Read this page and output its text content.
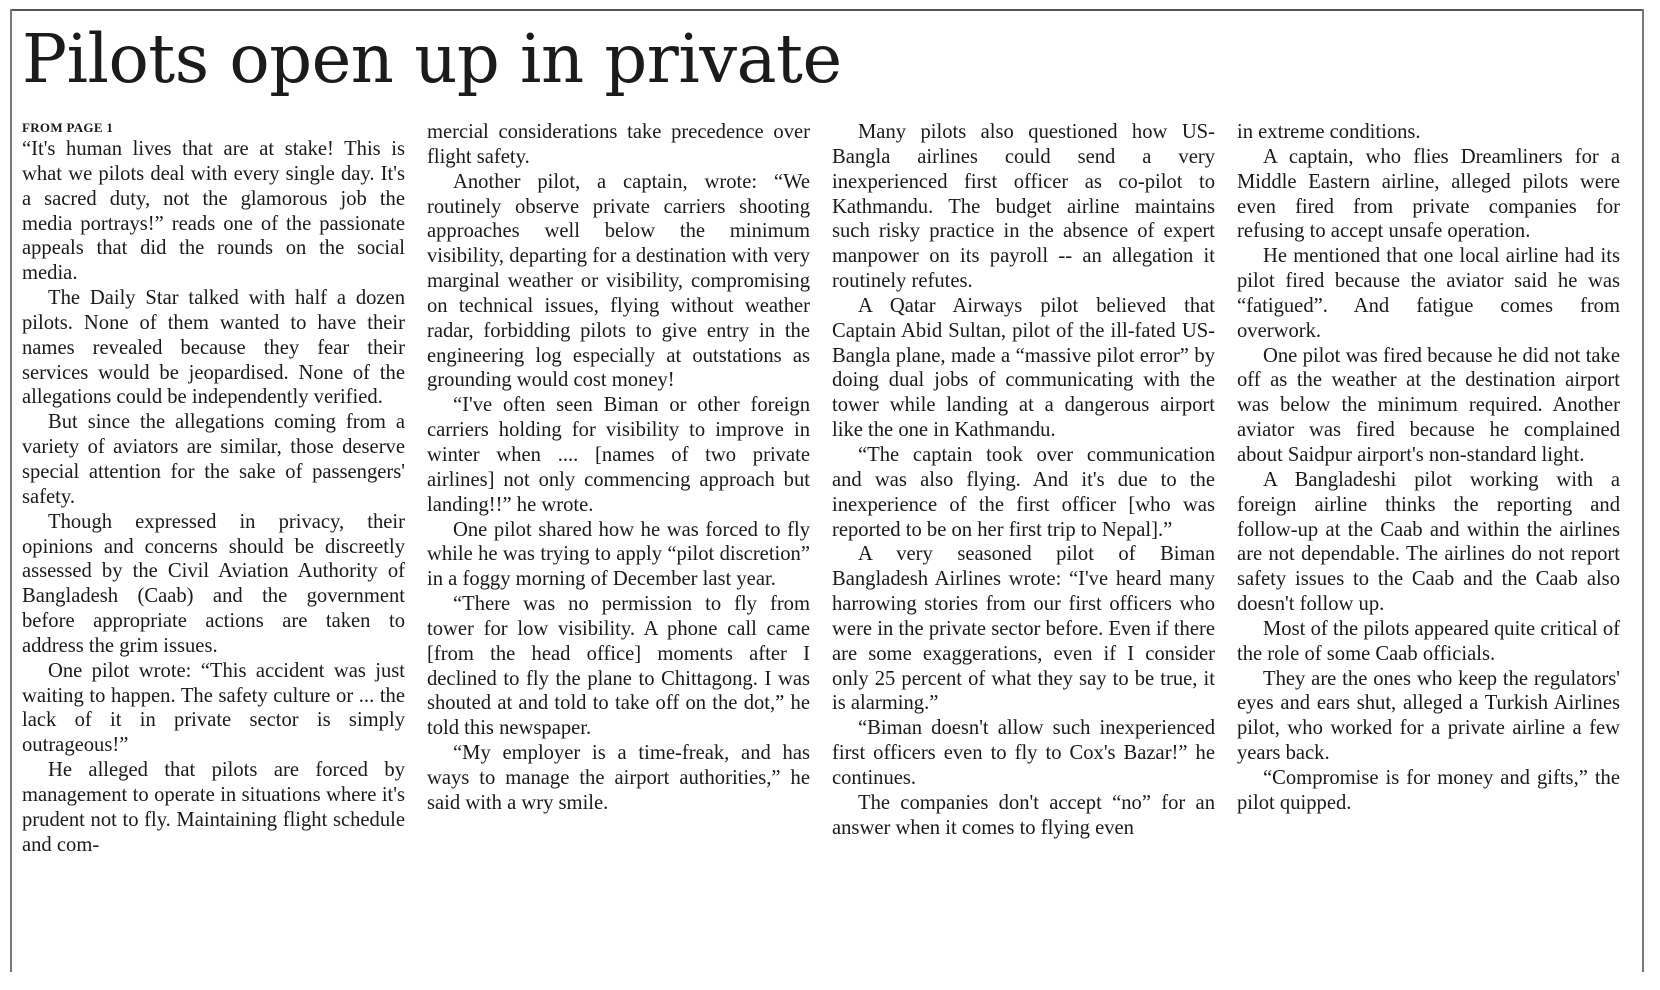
Pilots open up in private
FROM PAGE 1

“It's human lives that are at stake! This is what we pilots deal with every single day. It's a sacred duty, not the glamorous job the media portrays!” reads one of the passionate appeals that did the rounds on the social media.

The Daily Star talked with half a dozen pilots. None of them wanted to have their names revealed because they fear their services would be jeopardised. None of the allegations could be independently verified.

But since the allegations coming from a variety of aviators are similar, those deserve special attention for the sake of passengers' safety.

Though expressed in privacy, their opinions and concerns should be discreetly assessed by the Civil Aviation Authority of Bangladesh (Caab) and the government before appropriate actions are taken to address the grim issues.

One pilot wrote: “This accident was just waiting to happen. The safety culture or ... the lack of it in private sector is simply outrageous!”

He alleged that pilots are forced by management to operate in situations where it's prudent not to fly. Maintaining flight schedule and com-

mercial considerations take precedence over flight safety.

Another pilot, a captain, wrote: “We routinely observe private carriers shooting approaches well below the minimum visibility, departing for a destination with very marginal weather or visibility, compromising on technical issues, flying without weather radar, forbidding pilots to give entry in the engineering log especially at outstations as grounding would cost money!

“I've often seen Biman or other foreign carriers holding for visibility to improve in winter when .... [names of two private airlines] not only commencing approach but landing!!” he wrote.

One pilot shared how he was forced to fly while he was trying to apply “pilot discretion” in a foggy morning of December last year.

“There was no permission to fly from tower for low visibility. A phone call came [from the head office] moments after I declined to fly the plane to Chittagong. I was shouted at and told to take off on the dot,” he told this newspaper.

“My employer is a time-freak, and has ways to manage the airport authorities,” he said with a wry smile.

Many pilots also questioned how US-Bangla airlines could send a very inexperienced first officer as co-pilot to Kathmandu. The budget airline maintains such risky practice in the absence of expert manpower on its payroll -- an allegation it routinely refutes.

A Qatar Airways pilot believed that Captain Abid Sultan, pilot of the ill-fated US-Bangla plane, made a “massive pilot error” by doing dual jobs of communicating with the tower while landing at a dangerous airport like the one in Kathmandu.

“The captain took over communication and was also flying. And it's due to the inexperience of the first officer [who was reported to be on her first trip to Nepal].”

A very seasoned pilot of Biman Bangladesh Airlines wrote: “I've heard many harrowing stories from our first officers who were in the private sector before. Even if there are some exaggerations, even if I consider only 25 percent of what they say to be true, it is alarming.”

“Biman doesn't allow such inexperienced first officers even to fly to Cox's Bazar!” he continues.

The companies don't accept “no” for an answer when it comes to flying even

in extreme conditions.

A captain, who flies Dreamliners for a Middle Eastern airline, alleged pilots were even fired from private companies for refusing to accept unsafe operation.

He mentioned that one local airline had its pilot fired because the aviator said he was “fatigued”. And fatigue comes from overwork.

One pilot was fired because he did not take off as the weather at the destination airport was below the minimum required. Another aviator was fired because he complained about Saidpur airport's non-standard light.

A Bangladeshi pilot working with a foreign airline thinks the reporting and follow-up at the Caab and within the airlines are not dependable. The airlines do not report safety issues to the Caab and the Caab also doesn't follow up.

Most of the pilots appeared quite critical of the role of some Caab officials.

They are the ones who keep the regulators' eyes and ears shut, alleged a Turkish Airlines pilot, who worked for a private airline a few years back.

“Compromise is for money and gifts,” the pilot quipped.
